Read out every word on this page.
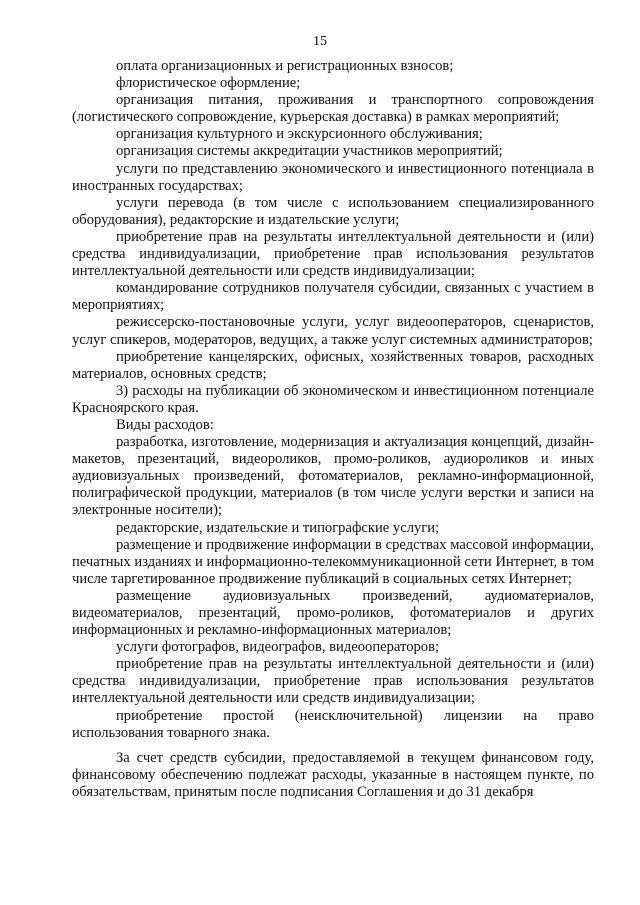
15

оплата организационных и регистрационных взносов;

флористическое оформление;

организация питания, проживания и транспортного сопровождения (логистического сопровождение, курьерская доставка) в рамках мероприятий;

организация культурного и экскурсионного обслуживания;

организация системы аккредитации участников мероприятий;

услуги по представлению экономического и инвестиционного потенциала в иностранных государствах;

услуги перевода (в том числе с использованием специализированного оборудования), редакторские и издательские услуги;

приобретение прав на результаты интеллектуальной деятельности и (или) средства индивидуализации, приобретение прав использования результатов интеллектуальной деятельности или средств индивидуализации;

командирование сотрудников получателя субсидии, связанных с участием в мероприятиях;

режиссерско-постановочные услуги, услуг видеооператоров, сценаристов, услуг спикеров, модераторов, ведущих, а также услуг системных администраторов;

приобретение канцелярских, офисных, хозяйственных товаров, расходных материалов, основных средств;

3) расходы на публикации об экономическом и инвестиционном потенциале Красноярского края.

Виды расходов:

разработка, изготовление, модернизация и актуализация концепций, дизайн-макетов, презентаций, видеороликов, промо-роликов, аудиороликов и иных аудиовизуальных произведений, фотоматериалов, рекламно-информационной, полиграфической продукции, материалов (в том числе услуги верстки и записи на электронные носители);

редакторские, издательские и типографские услуги;

размещение и продвижение информации в средствах массовой информации, печатных изданиях и информационно-телекоммуникационной сети Интернет, в том числе таргетированное продвижение публикаций в социальных сетях Интернет;

размещение аудиовизуальных произведений, аудиоматериалов, видеоматериалов, презентаций, промо-роликов, фотоматериалов и других информационных и рекламно-информационных материалов;

услуги фотографов, видеографов, видеооператоров;

приобретение прав на результаты интеллектуальной деятельности и (или) средства индивидуализации, приобретение прав использования результатов интеллектуальной деятельности или средств индивидуализации;

приобретение простой (неисключительной) лицензии на право использования товарного знака.

За счет средств субсидии, предоставляемой в текущем финансовом году, финансовому обеспечению подлежат расходы, указанные в настоящем пункте, по обязательствам, принятым после подписания Соглашения и до 31 декабря
